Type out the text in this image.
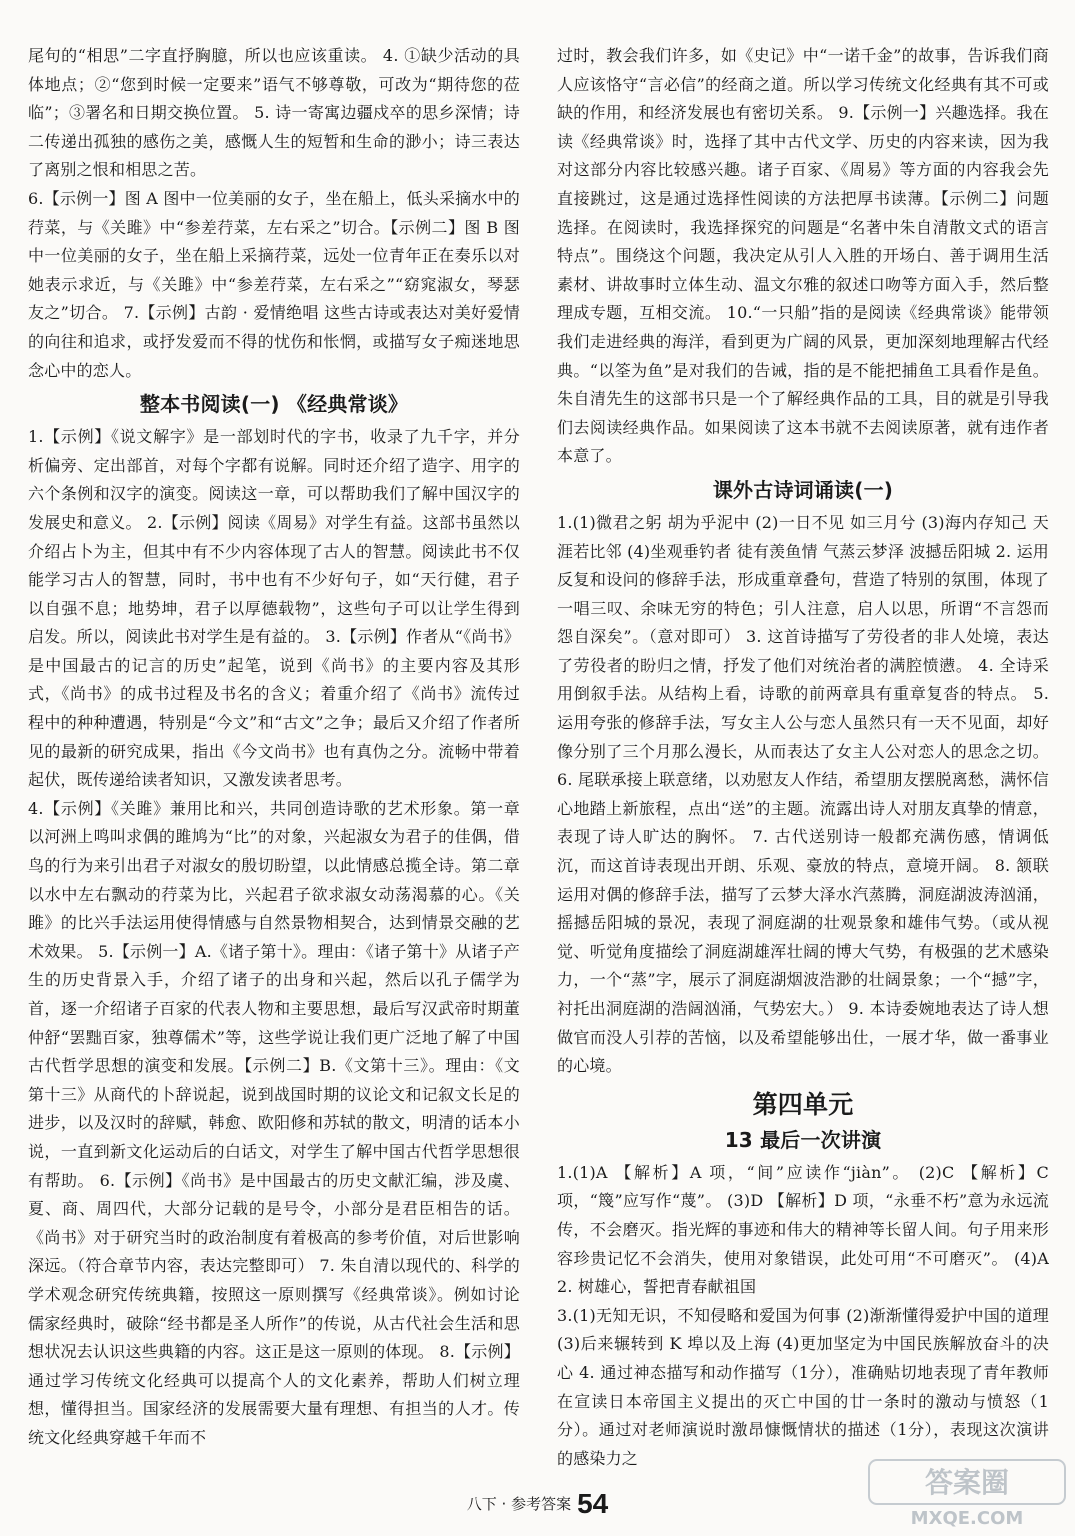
尾句的“相思”二字直抒胸臆，所以也应该重读。 4. ①缺少活动的具体地点；②“您到时候一定要来”语气不够尊敬，可改为“期待您的莅临”；③署名和日期交换位置。 5. 诗一寄寓边疆戍卒的思乡深情；诗二传递出孤独的感伤之美，感慨人生的短暂和生命的渺小；诗三表达了离别之恨和相思之苦。

6.【示例一】图 A 图中一位美丽的女子，坐在船上，低头采摘水中的荇菜，与《关雎》中“参差荇菜，左右采之”切合。【示例二】图 B 图中一位美丽的女子，坐在船上采摘荇菜，远处一位青年正在奏乐以对她表示求近，与《关雎》中“参差荇菜，左右采之”“窈窕淑女，琴瑟友之”切合。 7.【示例】古韵 · 爱情绝唱 这些古诗或表达对美好爱情的向往和追求，或抒发爱而不得的忧伤和怅惘，或描写女子痴迷地思念心中的恋人。

整本书阅读(一) 《经典常谈》

1.【示例】《说文解字》是一部划时代的字书，收录了九千字，并分析偏旁、定出部首，对每个字都有说解。同时还介绍了造字、用字的六个条例和汉字的演变。阅读这一章，可以帮助我们了解中国汉字的发展史和意义。 2.【示例】阅读《周易》对学生有益。这部书虽然以介绍占卜为主，但其中有不少内容体现了古人的智慧。阅读此书不仅能学习古人的智慧，同时，书中也有不少好句子，如“天行健，君子以自强不息；地势坤，君子以厚德载物”，这些句子可以让学生得到启发。所以，阅读此书对学生是有益的。 3.【示例】作者从“《尚书》是中国最古的记言的历史”起笔，说到《尚书》的主要内容及其形式，《尚书》的成书过程及书名的含义；着重介绍了《尚书》流传过程中的种种遭遇，特别是“今文”和“古文”之争；最后又介绍了作者所见的最新的研究成果，指出《今文尚书》也有真伪之分。流畅中带着起伏，既传递给读者知识，又激发读者思考。

4.【示例】《关雎》兼用比和兴，共同创造诗歌的艺术形象。第一章以河洲上鸣叫求偶的雎鸠为“比”的对象，兴起淑女为君子的佳偶，借鸟的行为来引出君子对淑女的殷切盼望，以此情感总揽全诗。第二章以水中左右飘动的荇菜为比，兴起君子欲求淑女动荡渴慕的心。《关雎》的比兴手法运用使得情感与自然景物相契合，达到情景交融的艺术效果。 5.【示例一】A.《诸子第十》。理由：《诸子第十》从诸子产生的历史背景入手，介绍了诸子的出身和兴起，然后以孔子儒学为首，逐一介绍诸子百家的代表人物和主要思想，最后写汉武帝时期董仲舒“罢黜百家，独尊儒术”等，这些学说让我们更广泛地了解了中国古代哲学思想的演变和发展。【示例二】B.《文第十三》。理由：《文第十三》从商代的卜辞说起，说到战国时期的议论文和记叙文长足的进步，以及汉时的辞赋，韩愈、欧阳修和苏轼的散文，明清的话本小说，一直到新文化运动后的白话文，对学生了解中国古代哲学思想很有帮助。 6.【示例】《尚书》是中国最古的历史文献汇编，涉及虞、夏、商、周四代，大部分记载的是号令，小部分是君臣相告的话。《尚书》对于研究当时的政治制度有着极高的参考价值，对后世影响深远。（符合章节内容，表达完整即可） 7. 朱自清以现代的、科学的学术观念研究传统典籍，按照这一原则撰写《经典常谈》。例如讨论儒家经典时，破除“经书都是圣人所作”的传说，从古代社会生活和思想状况去认识这些典籍的内容。这正是这一原则的体现。 8.【示例】通过学习传统文化经典可以提高个人的文化素养，帮助人们树立理想，懂得担当。国家经济的发展需要大量有理想、有担当的人才。传统文化经典穿越千年而不

过时，教会我们许多，如《史记》中“一诺千金”的故事，告诉我们商人应该恪守“言必信”的经商之道。所以学习传统文化经典有其不可或缺的作用，和经济发展也有密切关系。 9.【示例一】兴趣选择。我在读《经典常谈》时，选择了其中古代文学、历史的内容来读，因为我对这部分内容比较感兴趣。诸子百家、《周易》等方面的内容我会先直接跳过，这是通过选择性阅读的方法把厚书读薄。【示例二】问题选择。在阅读时，我选择探究的问题是“名著中朱自清散文式的语言特点”。围绕这个问题，我决定从引人入胜的开场白、善于调用生活素材、讲故事时立体生动、温文尔雅的叙述口吻等方面入手，然后整理成专题，互相交流。 10.“一只船”指的是阅读《经典常谈》能带领我们走进经典的海洋，看到更为广阔的风景，更加深刻地理解古代经典。“以筌为鱼”是对我们的告诫，指的是不能把捕鱼工具看作是鱼。朱自清先生的这部书只是一个了解经典作品的工具，目的就是引导我们去阅读经典作品。如果阅读了这本书就不去阅读原著，就有违作者本意了。

课外古诗词诵读(一)

1.(1)微君之躬 胡为乎泥中 (2)一日不见 如三月兮 (3)海内存知己 天涯若比邻 (4)坐观垂钓者 徒有羡鱼情 气蒸云梦泽 波撼岳阳城 2. 运用反复和设问的修辞手法，形成重章叠句，营造了特别的氛围，体现了一唱三叹、余味无穷的特色；引人注意，启人以思，所谓“不言怨而怨自深矣”。（意对即可） 3. 这首诗描写了劳役者的非人处境，表达了劳役者的盼归之情，抒发了他们对统治者的满腔愤懑。 4. 全诗采用倒叙手法。从结构上看，诗歌的前两章具有重章复沓的特点。 5. 运用夸张的修辞手法，写女主人公与恋人虽然只有一天不见面，却好像分别了三个月那么漫长，从而表达了女主人公对恋人的思念之切。 6. 尾联承接上联意绪，以劝慰友人作结，希望朋友摆脱离愁，满怀信心地踏上新旅程，点出“送”的主题。流露出诗人对朋友真挚的情意，表现了诗人旷达的胸怀。 7. 古代送别诗一般都充满伤感，情调低沉，而这首诗表现出开朗、乐观、豪放的特点，意境开阔。 8. 颔联运用对偶的修辞手法，描写了云梦大泽水汽蒸腾，洞庭湖波涛汹涌，摇撼岳阳城的景况，表现了洞庭湖的壮观景象和雄伟气势。（或从视觉、听觉角度描绘了洞庭湖雄浑壮阔的博大气势，有极强的艺术感染力，一个“蒸”字，展示了洞庭湖烟波浩渺的壮阔景象；一个“撼”字，衬托出洞庭湖的浩阔汹涌，气势宏大。） 9. 本诗委婉地表达了诗人想做官而没人引荐的苦恼，以及希望能够出仕，一展才华，做一番事业的心境。

第四单元
13 最后一次讲演

1.(1)A 【解析】A 项，“间”应读作“jiàn”。 (2)C 【解析】C 项，“篾”应写作“蔑”。 (3)D 【解析】D 项，“永垂不朽”意为永远流传，不会磨灭。指光辉的事迹和伟大的精神等长留人间。句子用来形容珍贵记忆不会消失，使用对象错误，此处可用“不可磨灭”。 (4)A 2. 树雄心，誓把青春献祖国

3.(1)无知无识，不知侵略和爱国为何事 (2)渐渐懂得爱护中国的道理 (3)后来辗转到 K 埠以及上海 (4)更加坚定为中国民族解放奋斗的决心 4. 通过神态描写和动作描写（1分），准确贴切地表现了青年教师在宣读日本帝国主义提出的灭亡中国的廿一条时的激动与愤怒（1分）。通过对老师演说时激昂慷慨情状的描述（1分），表现这次演讲的感染力之

八下 · 参考答案 54
答案圈
MXQE.COM
